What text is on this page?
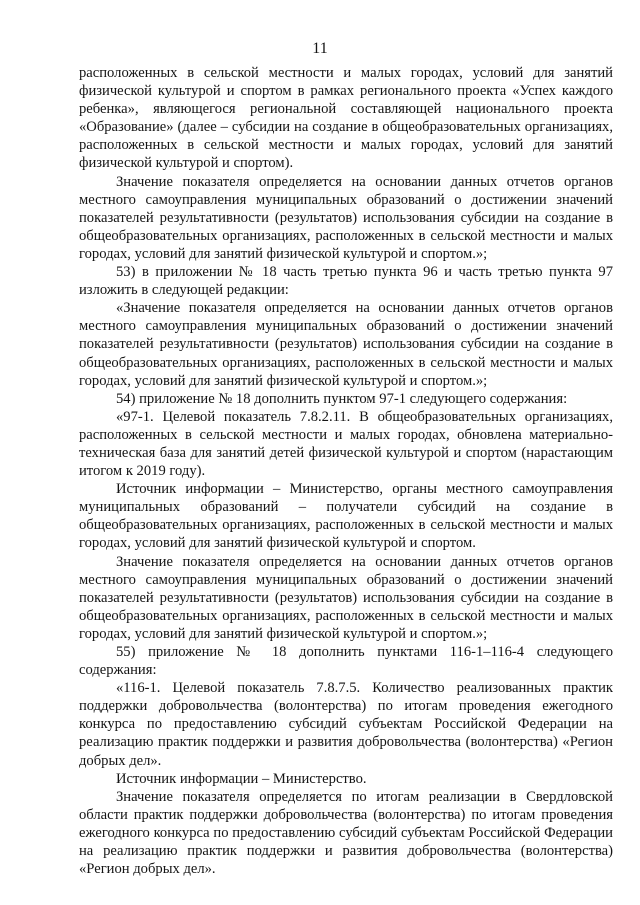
11

расположенных в сельской местности и малых городах, условий для занятий физической культурой и спортом в рамках регионального проекта «Успех каждого ребенка», являющегося региональной составляющей национального проекта «Образование» (далее – субсидии на создание в общеобразовательных организациях, расположенных в сельской местности и малых городах, условий для занятий физической культурой и спортом).

Значение показателя определяется на основании данных отчетов органов местного самоуправления муниципальных образований о достижении значений показателей результативности (результатов) использования субсидии на создание в общеобразовательных организациях, расположенных в сельской местности и малых городах, условий для занятий физической культурой и спортом.»;

53) в приложении № 18 часть третью пункта 96 и часть третью пункта 97 изложить в следующей редакции:

«Значение показателя определяется на основании данных отчетов органов местного самоуправления муниципальных образований о достижении значений показателей результативности (результатов) использования субсидии на создание в общеобразовательных организациях, расположенных в сельской местности и малых городах, условий для занятий физической культурой и спортом.»;

54) приложение № 18 дополнить пунктом 97-1 следующего содержания:

«97-1. Целевой показатель 7.8.2.11. В общеобразовательных организациях, расположенных в сельской местности и малых городах, обновлена материально-техническая база для занятий детей физической культурой и спортом (нарастающим итогом к 2019 году).

Источник информации – Министерство, органы местного самоуправления муниципальных образований – получатели субсидий на создание в общеобразовательных организациях, расположенных в сельской местности и малых городах, условий для занятий физической культурой и спортом.

Значение показателя определяется на основании данных отчетов органов местного самоуправления муниципальных образований о достижении значений показателей результативности (результатов) использования субсидии на создание в общеобразовательных организациях, расположенных в сельской местности и малых городах, условий для занятий физической культурой и спортом.»;

55) приложение № 18 дополнить пунктами 116-1–116-4 следующего содержания:

«116-1. Целевой показатель 7.8.7.5. Количество реализованных практик поддержки добровольчества (волонтерства) по итогам проведения ежегодного конкурса по предоставлению субсидий субъектам Российской Федерации на реализацию практик поддержки и развития добровольчества (волонтерства) «Регион добрых дел».

Источник информации – Министерство.

Значение показателя определяется по итогам реализации в Свердловской области практик поддержки добровольчества (волонтерства) по итогам проведения ежегодного конкурса по предоставлению субсидий субъектам Российской Федерации на реализацию практик поддержки и развития добровольчества (волонтерства) «Регион добрых дел».
